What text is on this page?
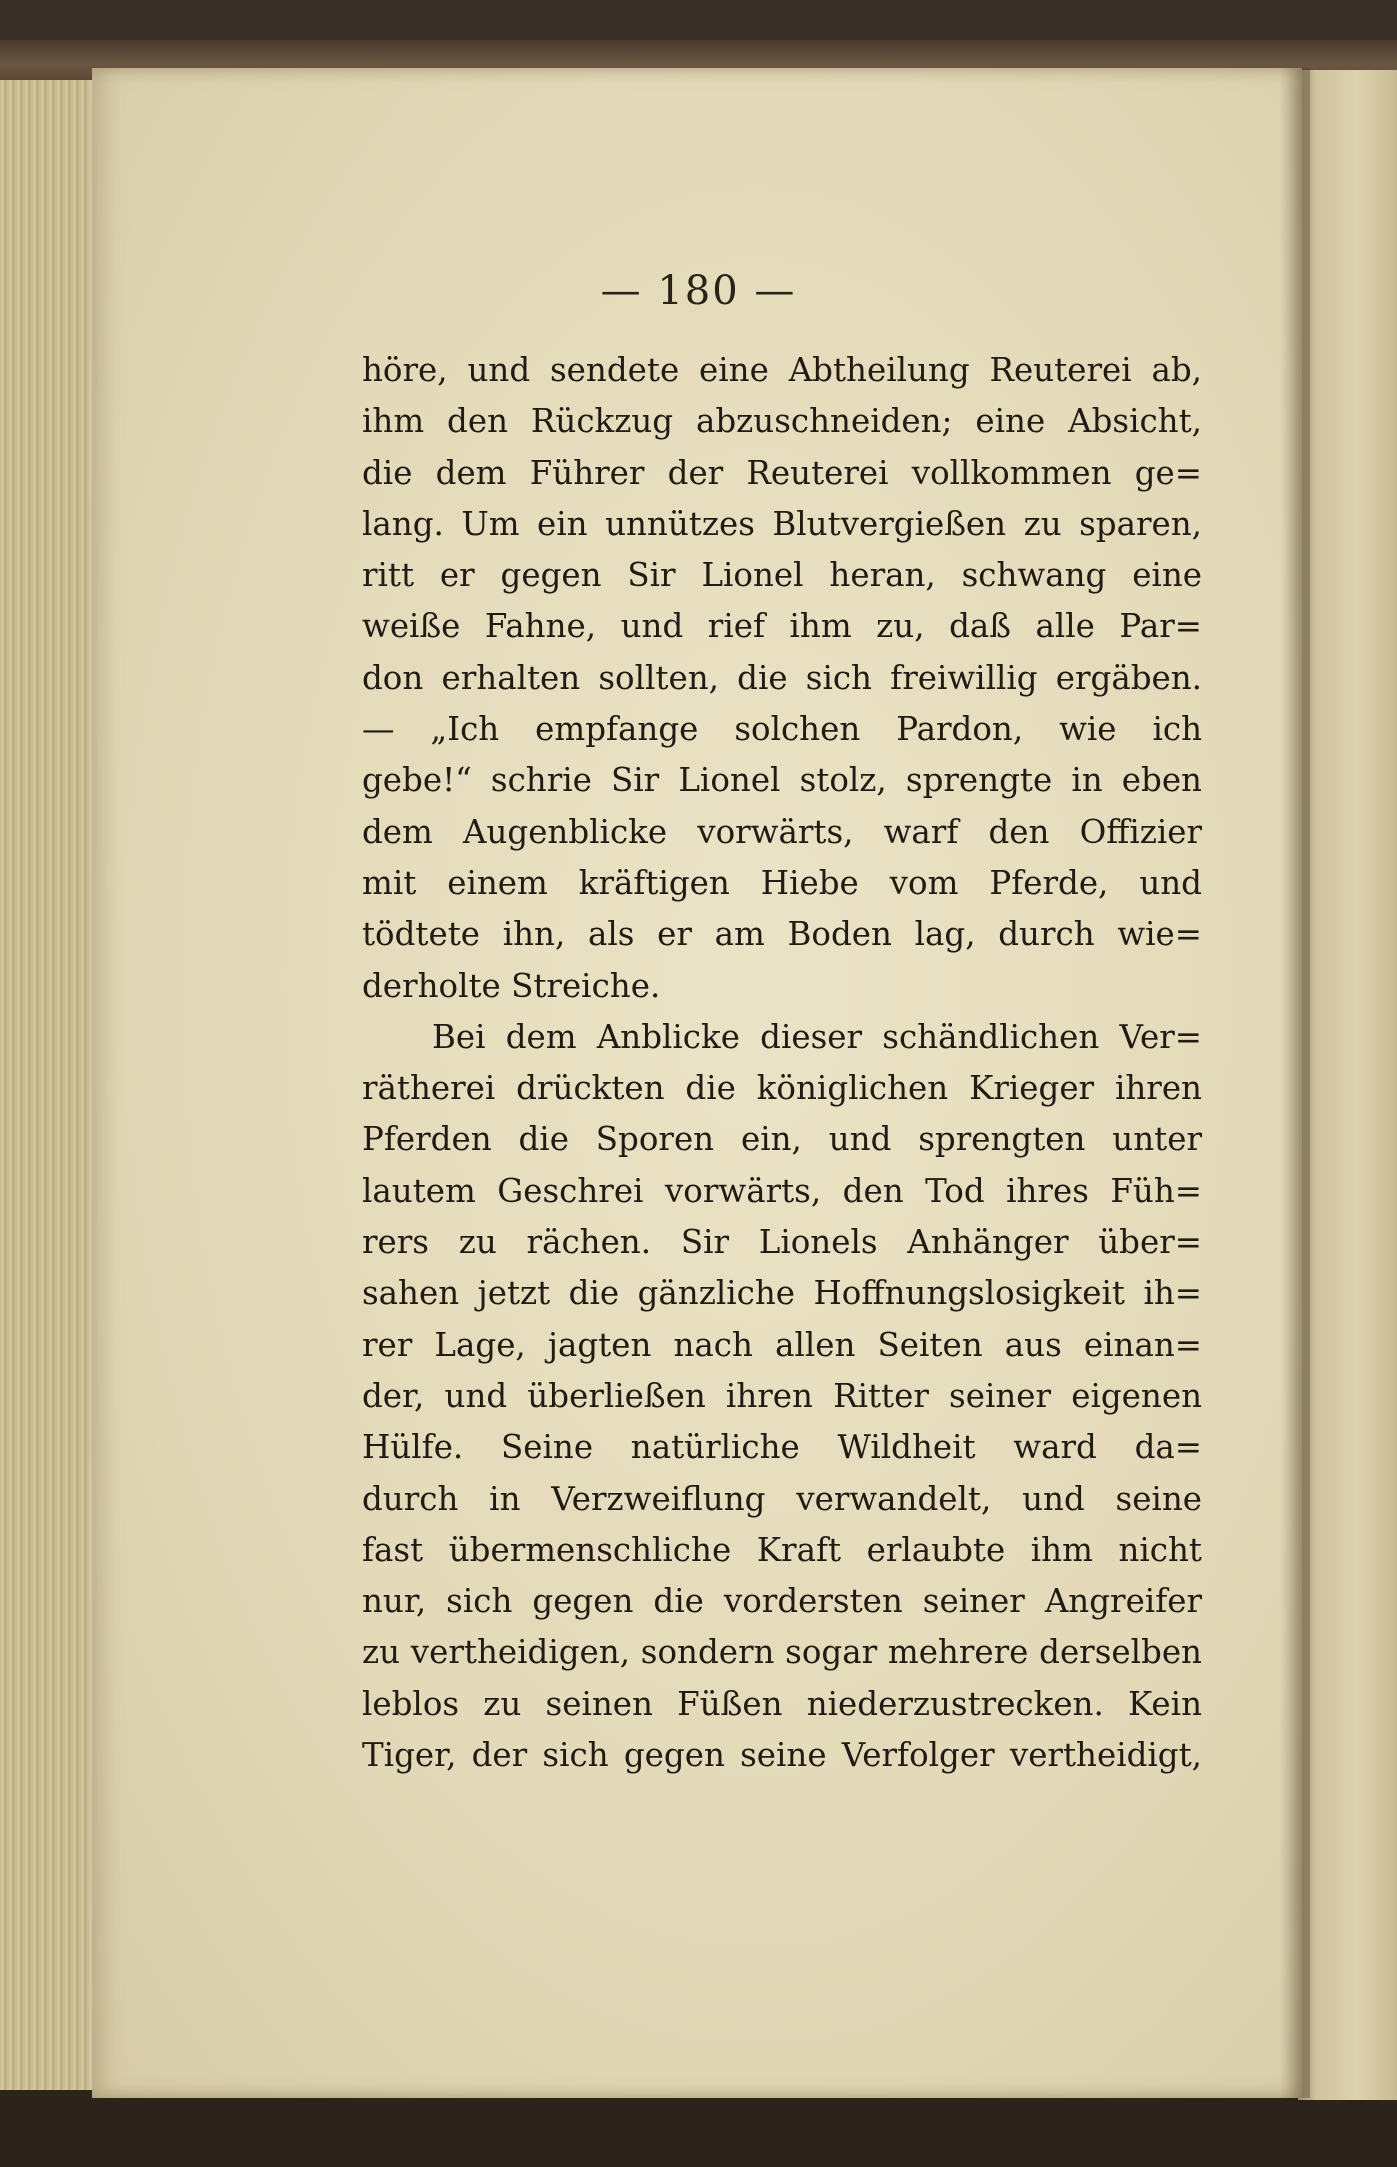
— 180 —
höre, und sendete eine Abtheilung Reuterei ab,
ihm den Rückzug abzuschneiden; eine Absicht,
die dem Führer der Reuterei vollkommen ge=
lang. Um ein unnützes Blutvergießen zu sparen,
ritt er gegen Sir Lionel heran, schwang eine
weiße Fahne, und rief ihm zu, daß alle Par=
don erhalten sollten, die sich freiwillig ergäben.
— „Ich empfange solchen Pardon, wie ich
gebe!“ schrie Sir Lionel stolz, sprengte in eben
dem Augenblicke vorwärts, warf den Offizier
mit einem kräftigen Hiebe vom Pferde, und
tödtete ihn, als er am Boden lag, durch wie=
derholte Streiche.
Bei dem Anblicke dieser schändlichen Ver=
rätherei drückten die königlichen Krieger ihren
Pferden die Sporen ein, und sprengten unter
lautem Geschrei vorwärts, den Tod ihres Füh=
rers zu rächen. Sir Lionels Anhänger über=
sahen jetzt die gänzliche Hoffnungslosigkeit ih=
rer Lage, jagten nach allen Seiten aus einan=
der, und überließen ihren Ritter seiner eigenen
Hülfe. Seine natürliche Wildheit ward da=
durch in Verzweiflung verwandelt, und seine
fast übermenschliche Kraft erlaubte ihm nicht
nur, sich gegen die vordersten seiner Angreifer
zu vertheidigen, sondern sogar mehrere derselben
leblos zu seinen Füßen niederzustrecken. Kein
Tiger, der sich gegen seine Verfolger vertheidigt,
